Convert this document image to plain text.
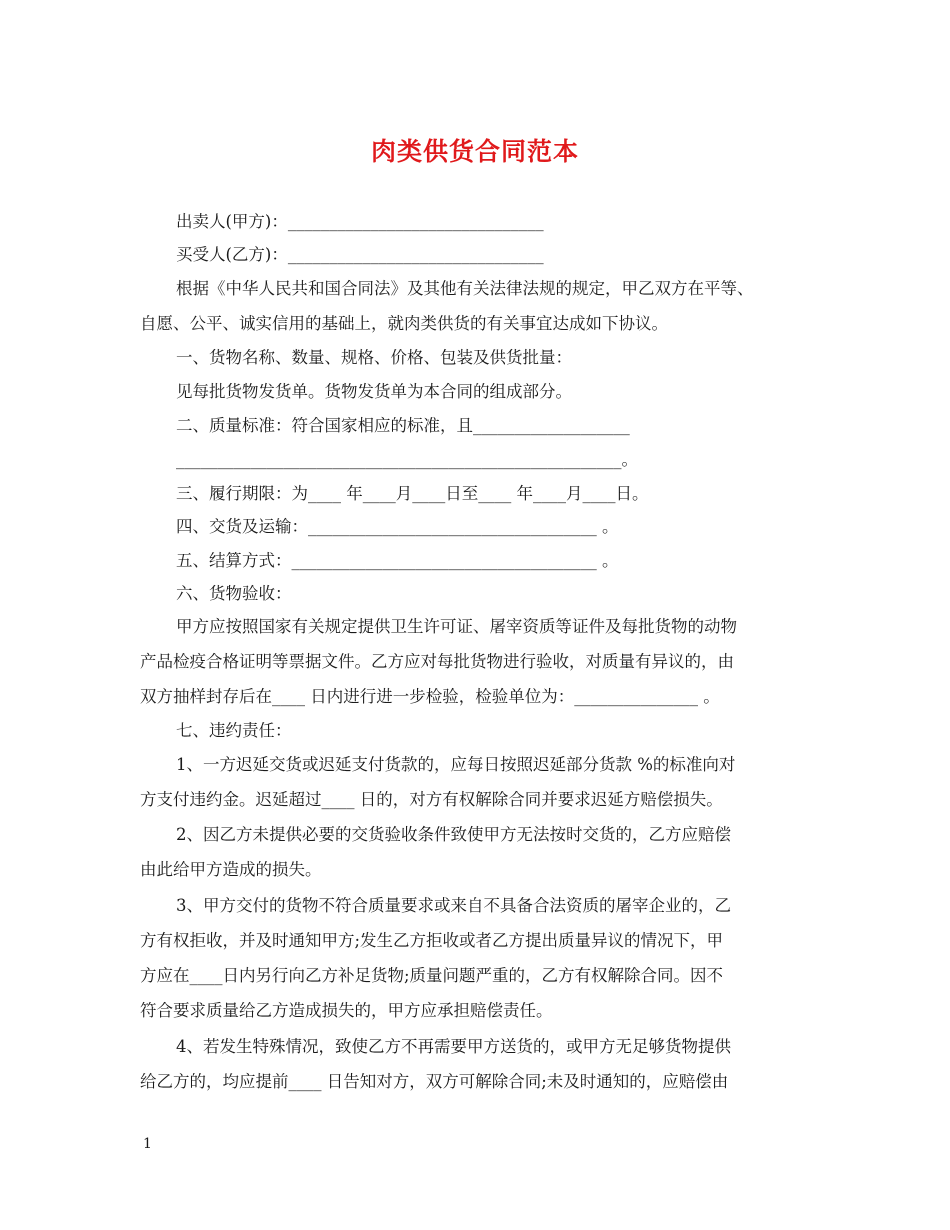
肉类供货合同范本
出卖人(甲方)：_______________________________
买受人(乙方)：_______________________________
根据《中华人民共和国合同法》及其他有关法律法规的规定，甲乙双方在平等、
自愿、公平、诚实信用的基础上，就肉类供货的有关事宜达成如下协议。
一、货物名称、数量、规格、价格、包装及供货批量：
见每批货物发货单。货物发货单为本合同的组成部分。
二、质量标准：符合国家相应的标准，且___________________
______________________________________________________。
三、履行期限：为____ 年____月____日至____ 年____月____日。
四、交货及运输：___________________________________ 。
五、结算方式：_____________________________________ 。
六、货物验收：
甲方应按照国家有关规定提供卫生许可证、屠宰资质等证件及每批货物的动物
产品检疫合格证明等票据文件。乙方应对每批货物进行验收，对质量有异议的，由
双方抽样封存后在____ 日内进行进一步检验，检验单位为：_______________ 。
七、违约责任：
1、一方迟延交货或迟延支付货款的，应每日按照迟延部分货款 %的标准向对
方支付违约金。迟延超过____ 日的，对方有权解除合同并要求迟延方赔偿损失。
2、因乙方未提供必要的交货验收条件致使甲方无法按时交货的，乙方应赔偿
由此给甲方造成的损失。
3、甲方交付的货物不符合质量要求或来自不具备合法资质的屠宰企业的，乙
方有权拒收，并及时通知甲方;发生乙方拒收或者乙方提出质量异议的情况下，甲
方应在____日内另行向乙方补足货物;质量问题严重的，乙方有权解除合同。因不
符合要求质量给乙方造成损失的，甲方应承担赔偿责任。
4、若发生特殊情况，致使乙方不再需要甲方送货的，或甲方无足够货物提供
给乙方的，均应提前____ 日告知对方，双方可解除合同;未及时通知的，应赔偿由
1
